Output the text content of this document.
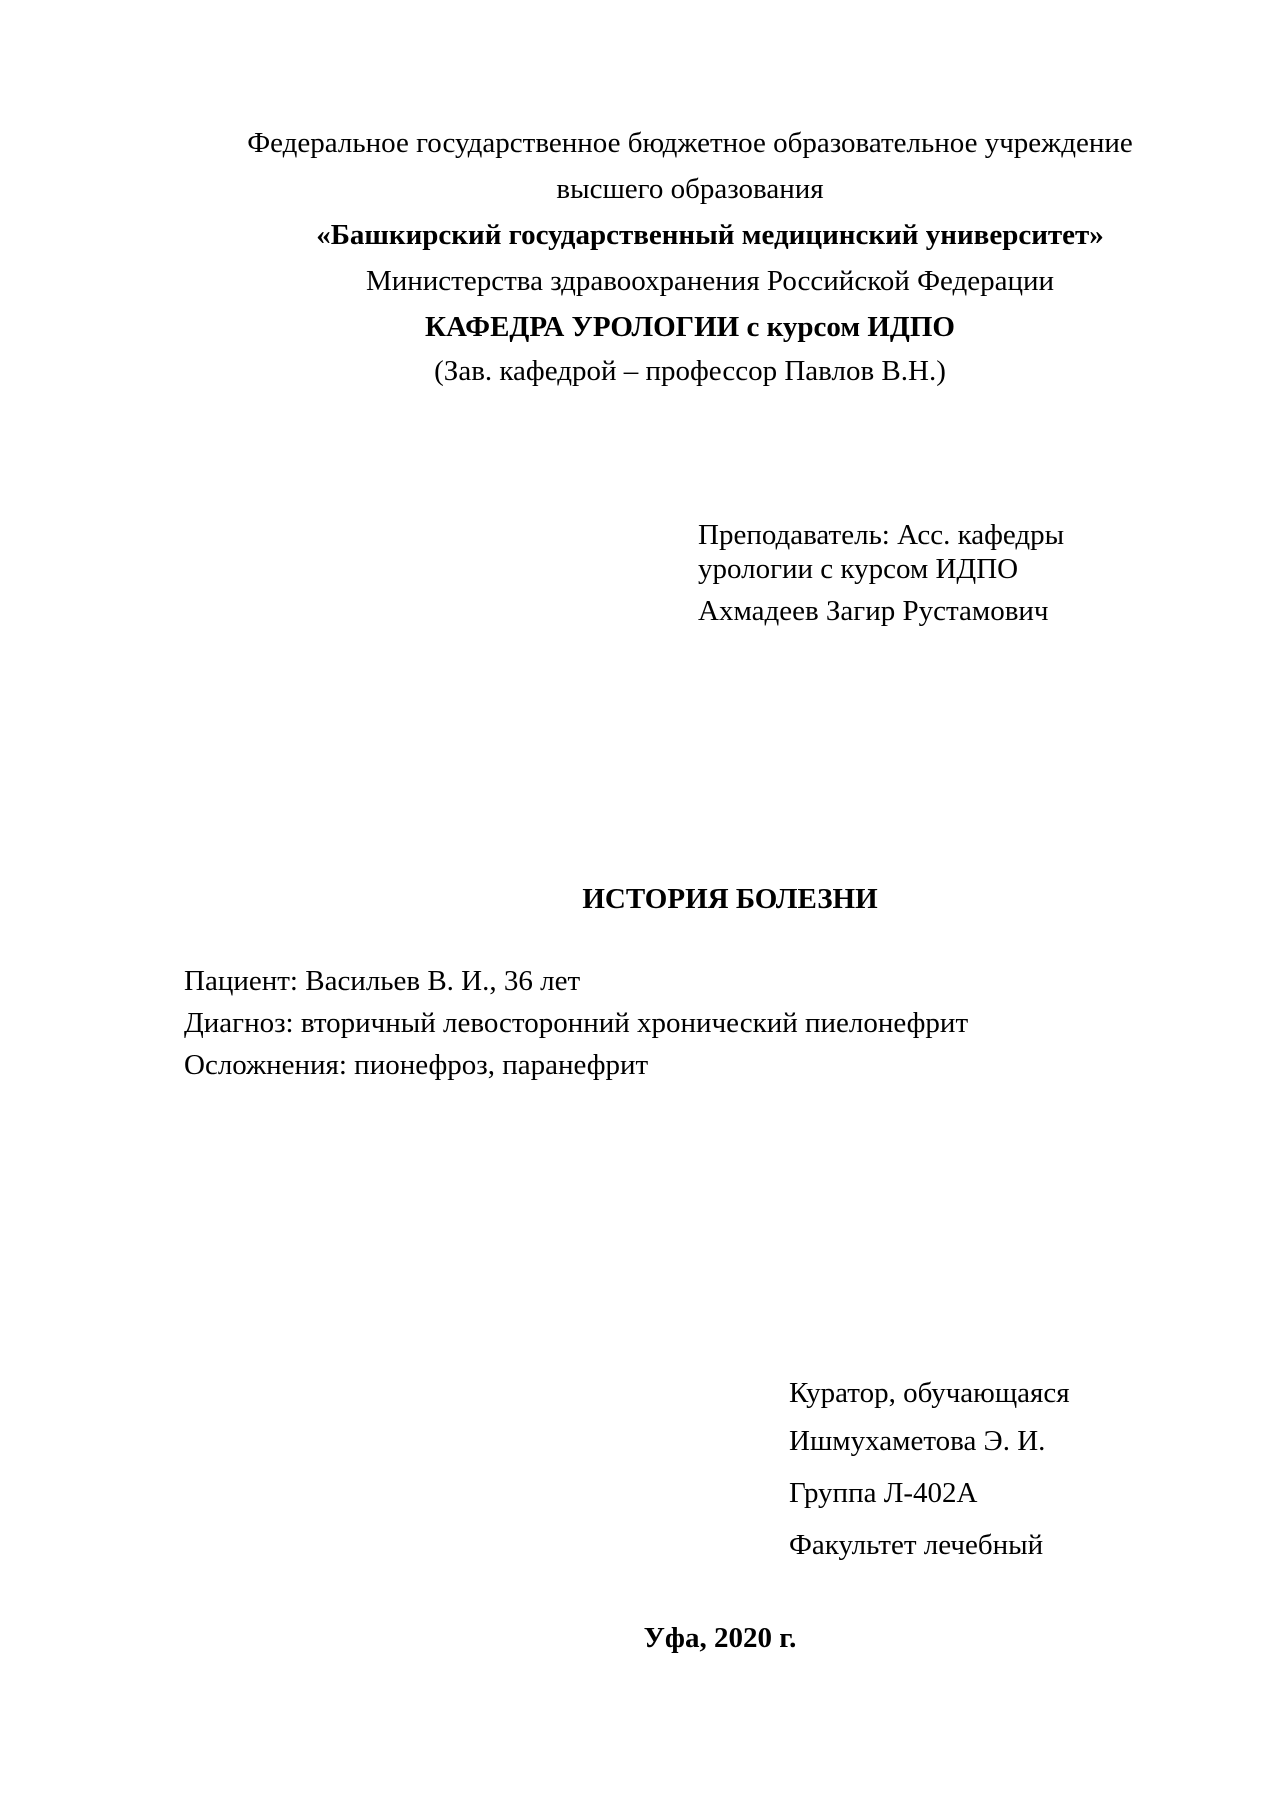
Федеральное государственное бюджетное образовательное учреждение
высшего образования
«Башкирский государственный медицинский университет»
Министерства здравоохранения Российской Федерации
КАФЕДРА УРОЛОГИИ с курсом ИДПО
(Зав. кафедрой – профессор Павлов В.Н.)
Преподаватель: Асс. кафедры
урологии с курсом ИДПО
Ахмадеев Загир Рустамович
ИСТОРИЯ БОЛЕЗНИ
Пациент: Васильев В. И., 36 лет
Диагноз: вторичный левосторонний хронический пиелонефрит
Осложнения: пионефроз, паранефрит
Куратор, обучающаяся
Ишмухаметова Э. И.
Группа Л-402А
Факультет лечебный
Уфа, 2020 г.
